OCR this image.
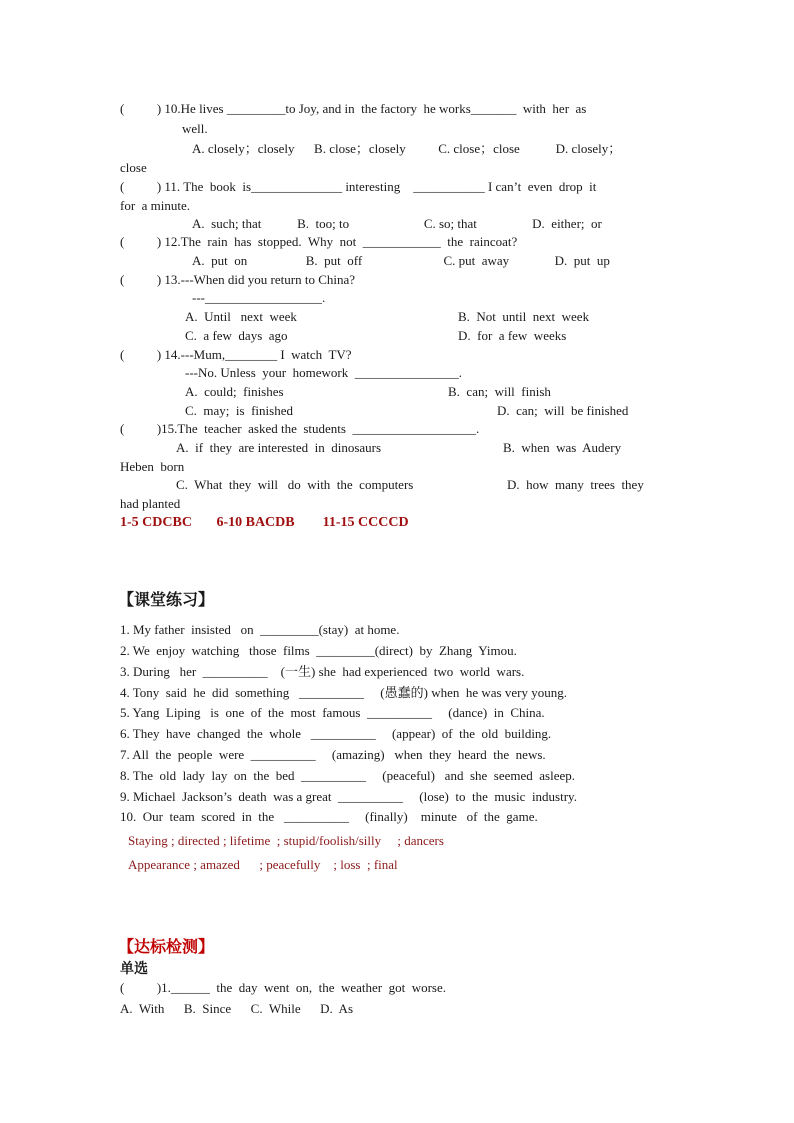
(          ) 10.He lives _________to Joy, and in  the factory  he works_______  with  her  as
well.
A. closely；closely      B. close；closely          C. close；close           D. closely；
close
(          ) 11. The  book  is______________ interesting    ___________ I can’t  even  drop  it
for  a minute.
A.  such; that           B.  too; to                       C. so; that                 D.  either;  or
(          ) 12.The  rain  has  stopped.  Why  not  ____________  the  raincoat?
A.  put  on                  B.  put  off                         C. put  away              D.  put  up
(          ) 13.---When did you return to China?
---__________________.
A.  Until   next  week	B.  Not  until  next  week
C.  a few  days  ago	D.  for  a few  weeks
(          ) 14.---Mum,________ I  watch  TV?
---No. Unless  your  homework  ________________.
A.  could;  finishes	B.  can;  will  finish
C.  may;  is  finished	D.  can;  will  be finished
(          )15.The  teacher  asked the  students  ___________________.
A.  if  they  are interested  in  dinosaurs	B.  when  was  Audery
Heben  born
C.  What  they  will   do  with  the  computers	D.  how  many  trees  they
had planted
1-5 CDCBC       6-10 BACDB        11-15 CCCCD
【课堂练习】
1. My father  insisted   on  _________(stay)  at home.
2. We  enjoy  watching   those  films  _________(direct)  by  Zhang  Yimou.
3. During   her  __________    (一生) she  had experienced  two  world  wars.
4. Tony  said  he  did  something   __________     (愚蠢的) when  he was very young.
5. Yang  Liping   is  one  of  the  most  famous  __________     (dance)  in  China.
6. They  have  changed  the  whole   __________     (appear)  of  the  old  building.
7. All  the  people  were  __________     (amazing)   when  they  heard  the  news.
8. The  old  lady  lay  on  the  bed  __________     (peaceful)   and  she  seemed  asleep.
9. Michael  Jackson’s  death  was a great  __________     (lose)  to  the  music  industry.
10.  Our  team  scored  in  the   __________     (finally)    minute   of  the  game.
Staying ; directed ; lifetime  ; stupid/foolish/silly     ; dancers
Appearance ; amazed      ; peacefully    ; loss  ; final
【达标检测】
单选
(          )1.______  the  day  went  on,  the  weather  got  worse.
A.  With      B.  Since      C.  While      D.  As
